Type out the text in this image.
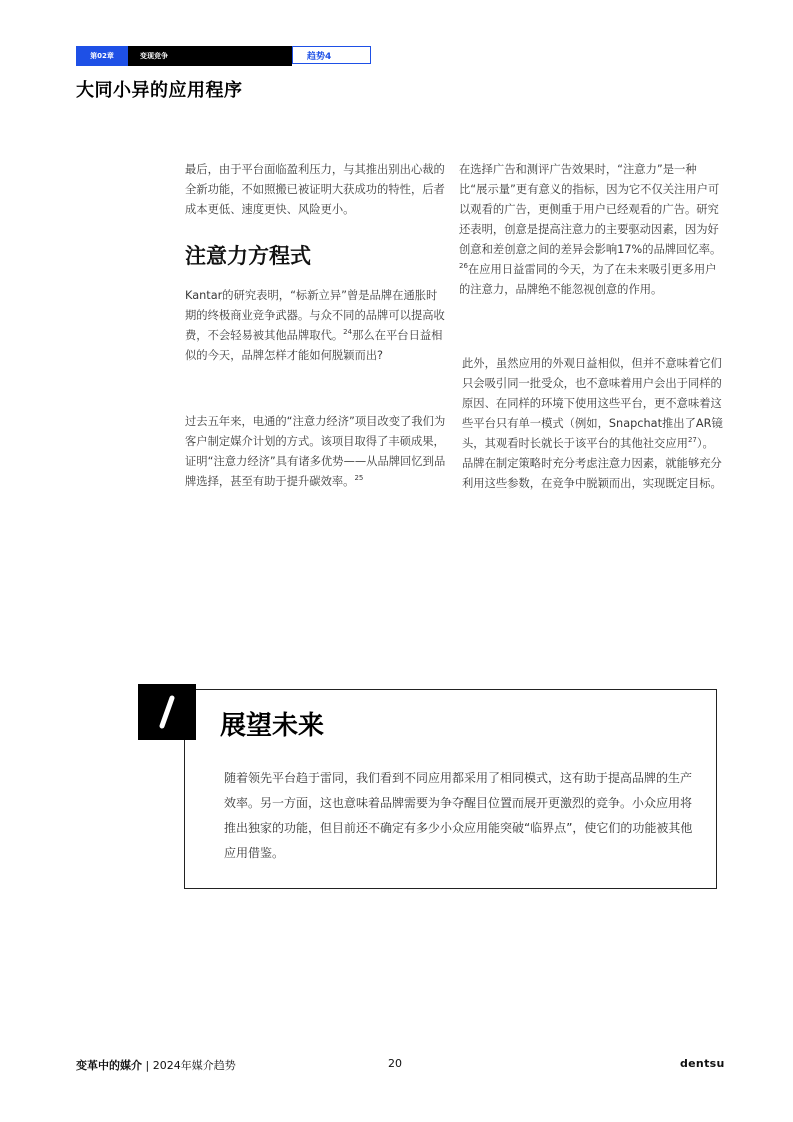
第02章	变现竞争	趋势4
大同小异的应用程序

最后，由于平台面临盈利压力，与其推出别出心裁的全新功能，不如照搬已被证明大获成功的特性，后者成本更低、速度更快、风险更小。

注意力方程式

Kantar的研究表明，“标新立异”曾是品牌在通胀时期的终极商业竞争武器。与众不同的品牌可以提高收费，不会轻易被其他品牌取代。$^{24}$那么在平台日益相似的今天，品牌怎样才能如何脱颖而出?

过去五年来，电通的“注意力经济”项目改变了我们为客户制定媒介计划的方式。该项目取得了丰硕成果，证明“注意力经济”具有诸多优势——从品牌回忆到品牌选择，甚至有助于提升碳效率。$^{25}$

在选择广告和测评广告效果时，“注意力”是一种比“展示量”更有意义的指标，因为它不仅关注用户可以观看的广告，更侧重于用户已经观看的广告。研究还表明，创意是提高注意力的主要驱动因素，因为好创意和差创意之间的差异会影响17%的品牌回忆率。$^{26}$在应用日益雷同的今天，为了在未来吸引更多用户的注意力，品牌绝不能忽视创意的作用。

此外，虽然应用的外观日益相似，但并不意味着它们只会吸引同一批受众，也不意味着用户会出于同样的原因、在同样的环境下使用这些平台，更不意味着这些平台只有单一模式（例如，Snapchat推出了AR镜头，其观看时长就长于该平台的其他社交应用$^{27}$）。品牌在制定策略时充分考虑注意力因素，就能够充分利用这些参数，在竞争中脱颖而出，实现既定目标。

展望未来

随着领先平台趋于雷同，我们看到不同应用都采用了相同模式，这有助于提高品牌的生产效率。另一方面，这也意味着品牌需要为争夺醒目位置而展开更激烈的竞争。小众应用将推出独家的功能，但目前还不确定有多少小众应用能突破“临界点”，使它们的功能被其他应用借鉴。

变革中的媒介 | 2024年媒介趋势	20	dentsu
